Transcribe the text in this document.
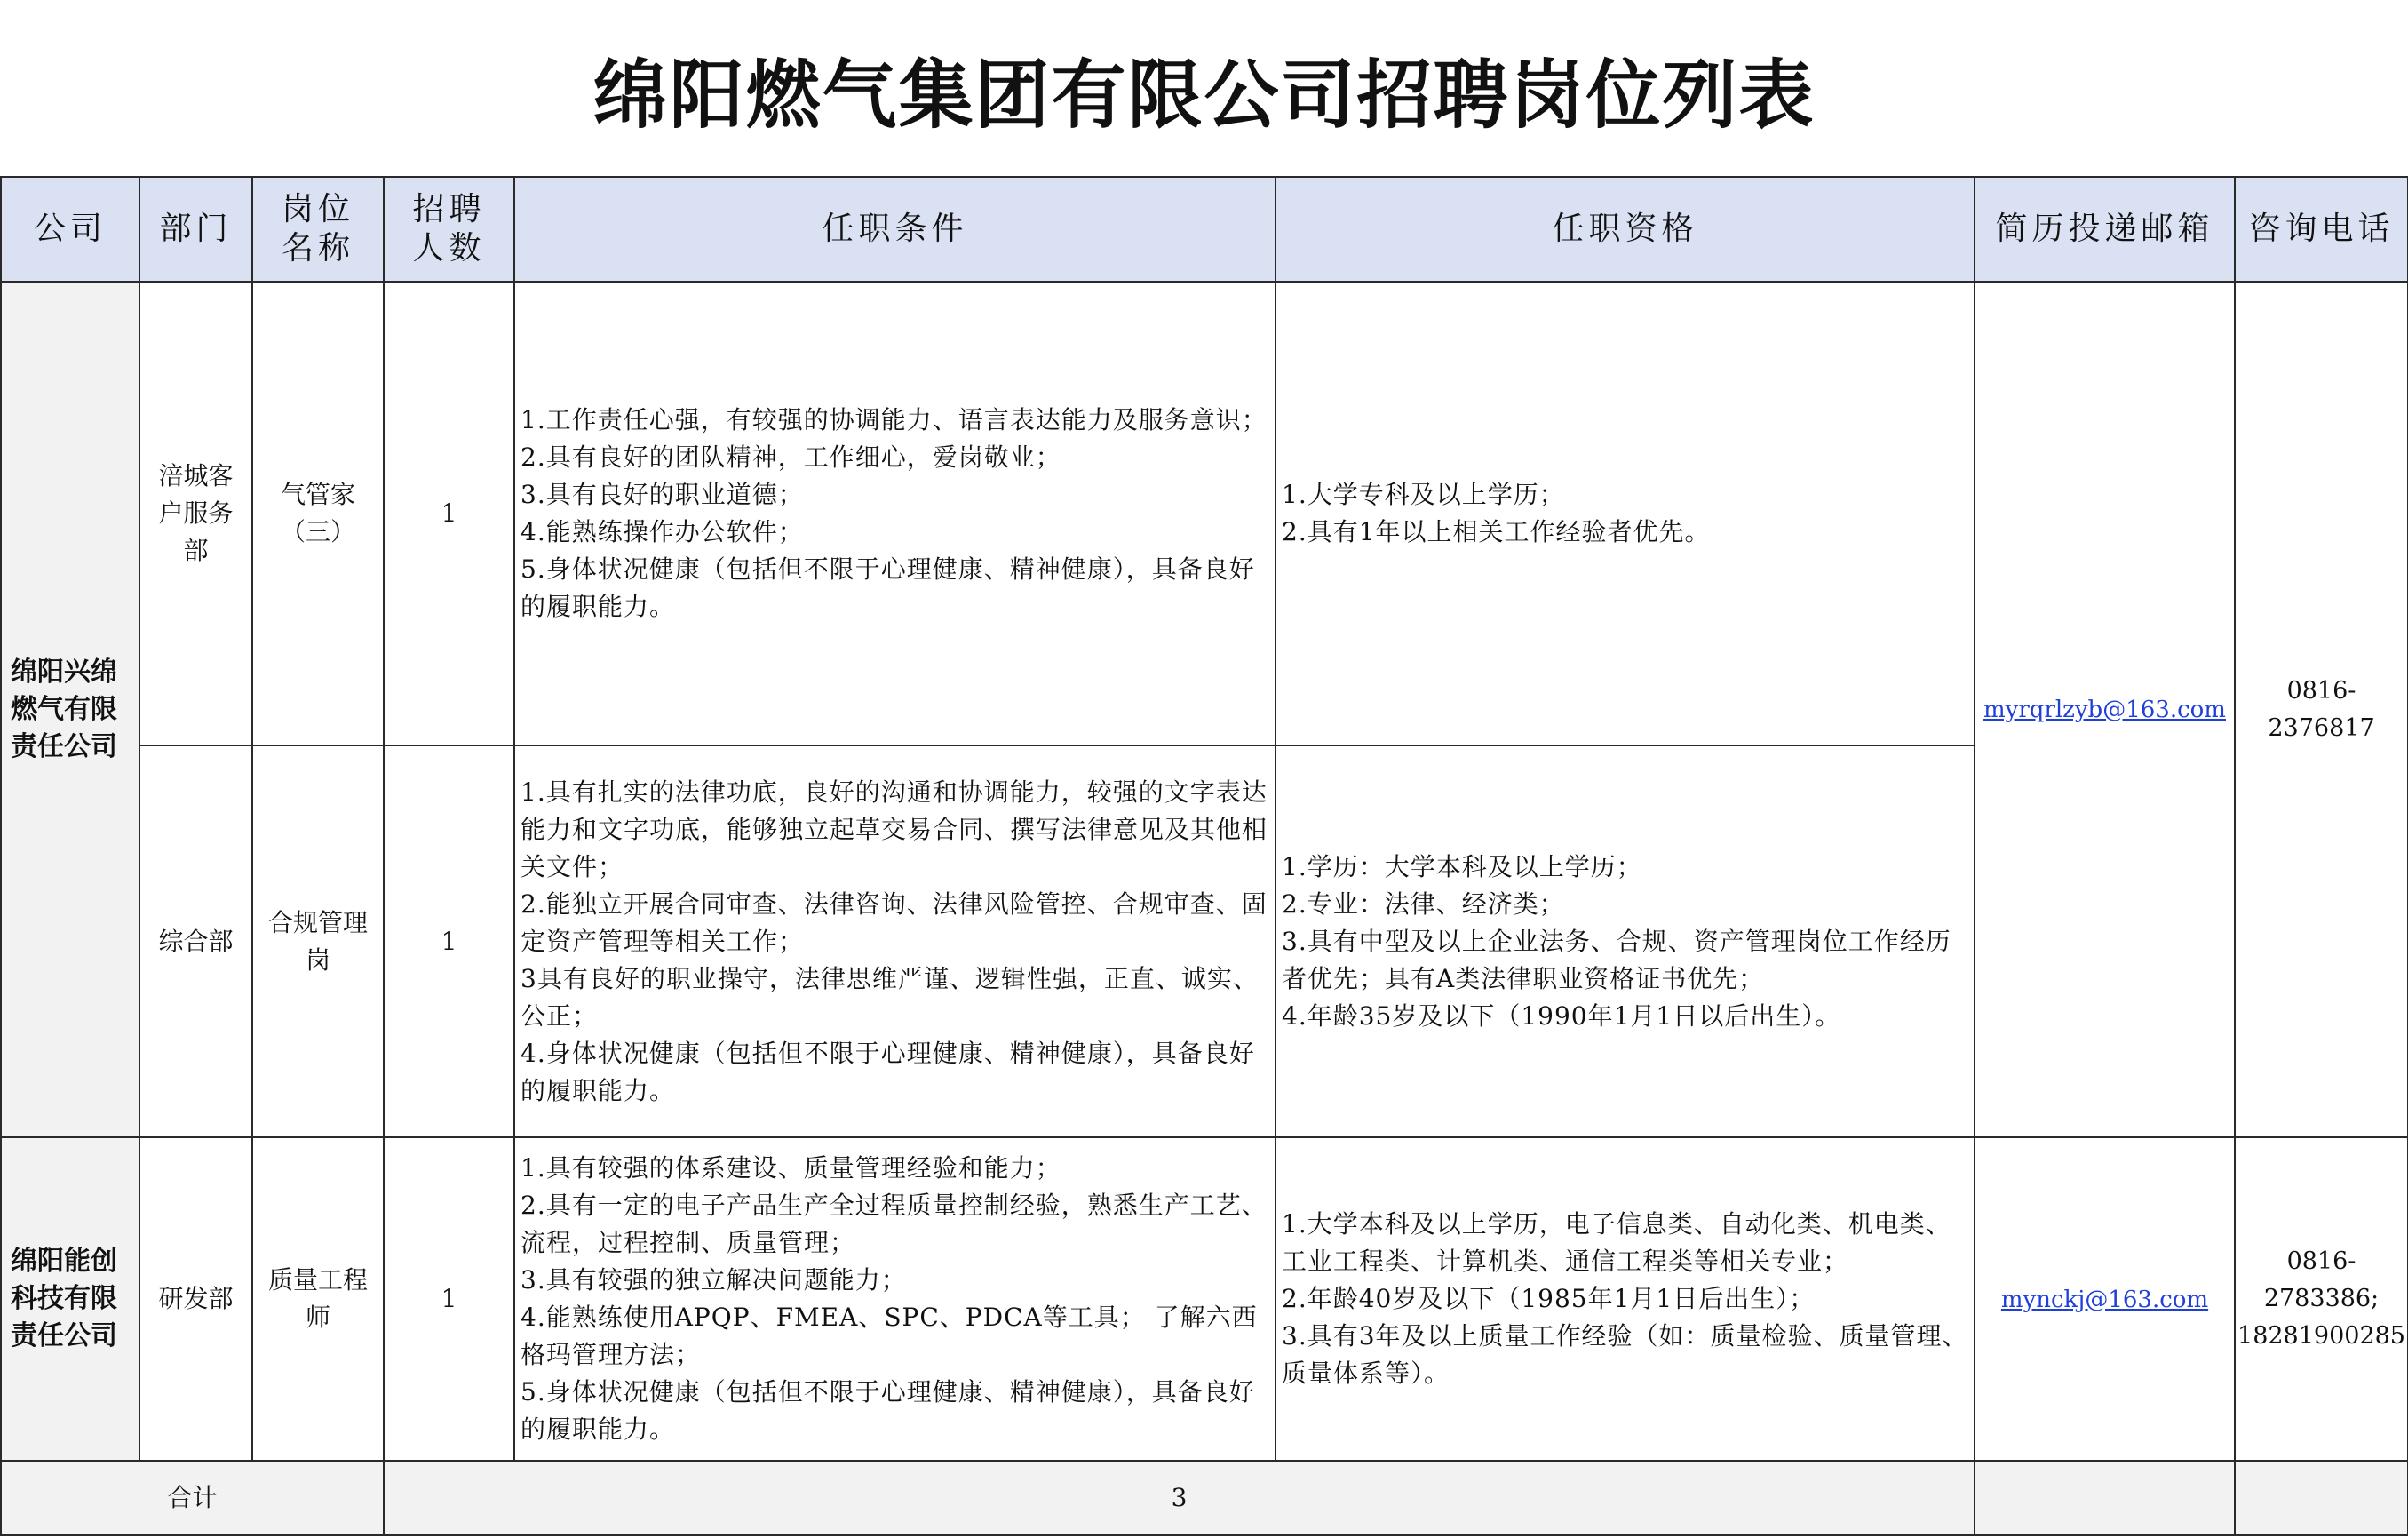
绵阳燃气集团有限公司招聘岗位列表
公司	部门	岗位名称	招聘人数	任职条件	任职资格	简历投递邮箱	咨询电话
绵阳兴绵燃气有限责任公司	涪城客户服务部	气管家（三）	1	1.工作责任心强，有较强的协调能力、语言表达能力及服务意识；
2.具有良好的团队精神，工作细心，爱岗敬业；
3.具有良好的职业道德；
4.能熟练操作办公软件；
5.身体状况健康（包括但不限于心理健康、精神健康），具备良好的履职能力。	1.大学专科及以上学历；
2.具有1年以上相关工作经验者优先。	myrqrlzyb@163.com	0816-
2376817
	综合部	合规管理岗	1	1.具有扎实的法律功底，良好的沟通和协调能力，较强的文字表达能力和文字功底，能够独立起草交易合同、撰写法律意见及其他相关文件；
2.能独立开展合同审查、法律咨询、法律风险管控、合规审查、固定资产管理等相关工作；
3具有良好的职业操守，法律思维严谨、逻辑性强，正直、诚实、公正；
4.身体状况健康（包括但不限于心理健康、精神健康），具备良好的履职能力。	1.学历：大学本科及以上学历；
2.专业：法律、经济类；
3.具有中型及以上企业法务、合规、资产管理岗位工作经历者优先；具有A类法律职业资格证书优先；
4.年龄35岁及以下（1990年1月1日以后出生）。		
绵阳能创科技有限责任公司	研发部	质量工程师	1	1.具有较强的体系建设、质量管理经验和能力；
2.具有一定的电子产品生产全过程质量控制经验，熟悉生产工艺、流程，过程控制、质量管理；
3.具有较强的独立解决问题能力；
4.能熟练使用APQP、FMEA、SPC、PDCA等工具； 了解六西格玛管理方法；
5.身体状况健康（包括但不限于心理健康、精神健康），具备良好的履职能力。	1.大学本科及以上学历，电子信息类、自动化类、机电类、工业工程类、计算机类、通信工程类等相关专业；
2.年龄40岁及以下（1985年1月1日后出生）；
3.具有3年及以上质量工作经验（如：质量检验、质量管理、质量体系等）。	mynckj@163.com	0816-
2783386;
18281900285
合计			3				
